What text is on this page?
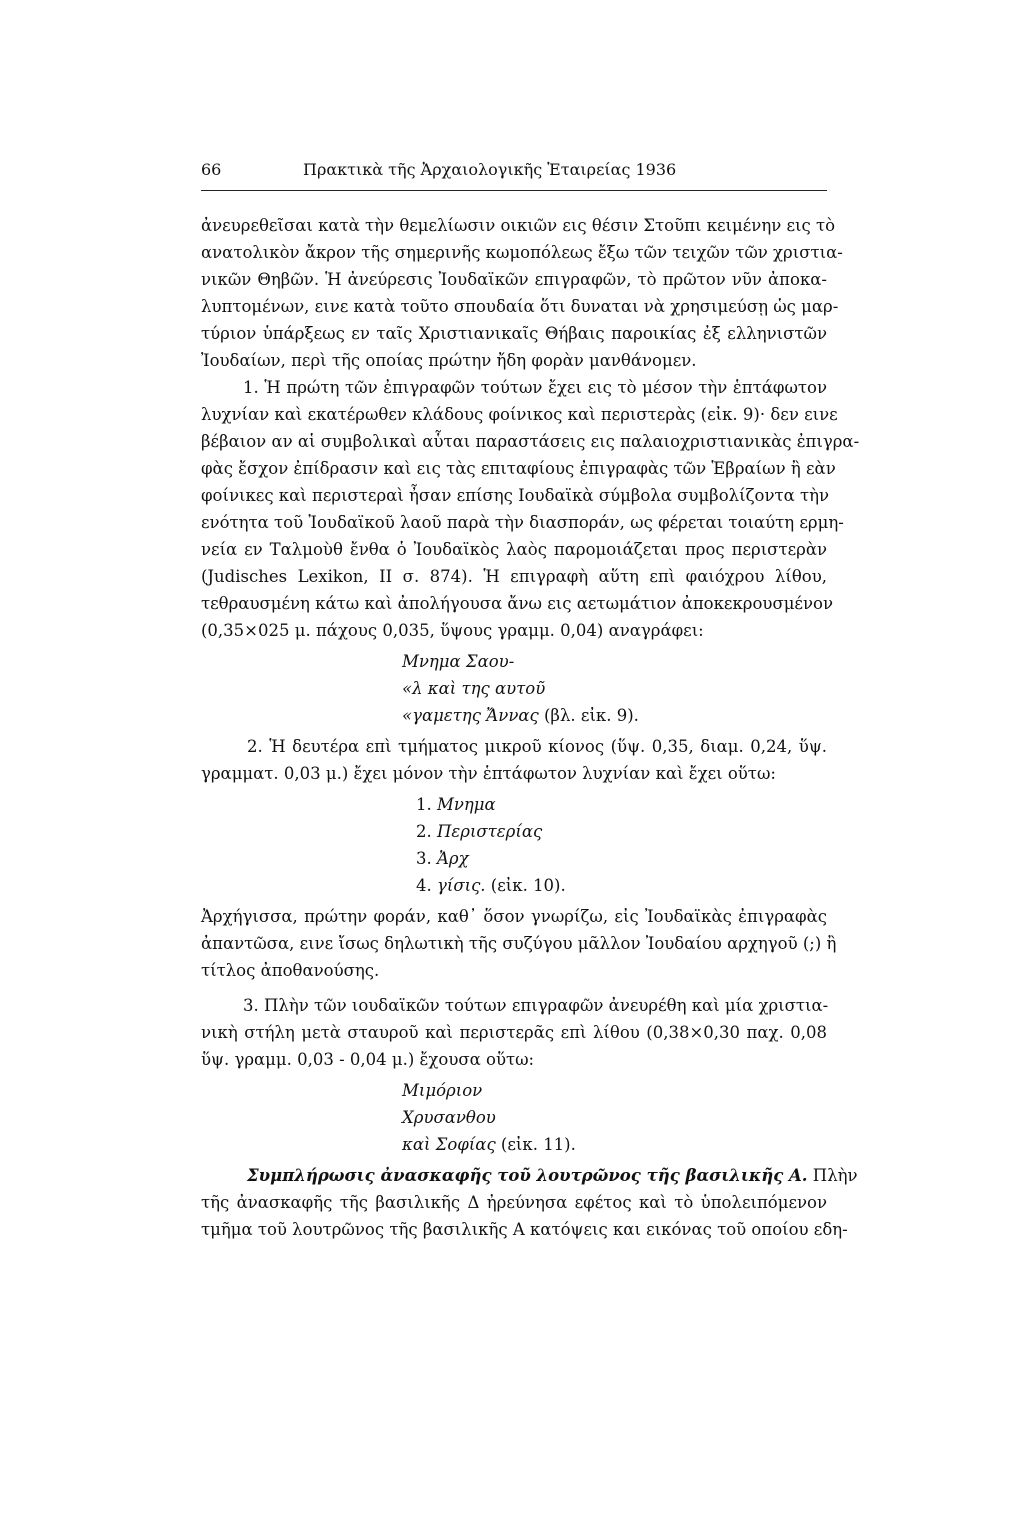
66	Πρακτικὰ τῆς Ἀρχαιολογικῆς Ἑταιρείας 1936
ἀνευρεθεῖσαι κατὰ τὴν θεμελίωσιν οικιῶν εις θέσιν Στοῦπι κειμένην εις τὸ
ανατολικὸν ἄκρον τῆς σημερινῆς κωμοπόλεως ἔξω τῶν τειχῶν τῶν χριστια-
νικῶν Θηβῶν. Ἡ ἀνεύρεσις Ἰουδαϊκῶν επιγραφῶν, τὸ πρῶτον νῦν ἀποκα-
λυπτομένων, εινε κατὰ τοῦτο σπουδαία ὅτι δυναται νὰ χρησιμεύσῃ ὡς μαρ-
τύριον ὑπάρξεως εν ταῖς Χριστιανικαῖς Θήβαις παροικίας ἐξ ελληνιστῶν
Ἰουδαίων, περὶ τῆς οποίας πρώτην ἤδη φορὰν μανθάνομεν.
1. Ἡ πρώτη τῶν ἐπιγραφῶν τούτων ἔχει εις τὸ μέσον τὴν ἑπτάφωτον
λυχνίαν καὶ εκατέρωθεν κλάδους φοίνικος καὶ περιστερὰς (εἰκ. 9)· δεν εινε
βέβαιον αν αἱ συμβολικαὶ αὗται παραστάσεις εις παλαιοχριστιανικὰς ἐπιγρα-
φὰς ἔσχον ἐπίδρασιν καὶ εις τὰς επιταφίους ἐπιγραφὰς τῶν Ἑβραίων ἢ εὰν
φοίνικες καὶ περιστεραὶ ἦσαν επίσης Ιουδαϊκὰ σύμβολα συμβολίζοντα τὴν
ενότητα τοῦ Ἰουδαϊκοῦ λαοῦ παρὰ τὴν διασποράν, ως φέρεται τοιαύτη ερμη-
νεία εν Ταλμοὺθ ἔνθα ὁ Ἰουδαϊκὸς λαὸς παρομοιάζεται προς περιστερὰν
(Judisches Lexikon, II σ. 874). Ἡ επιγραφὴ αὕτη επὶ φαιόχρου λίθου,
τεθραυσμένη κάτω καὶ ἀπολήγουσα ἄνω εις αετωμάτιον ἀποκεκρουσμένον
(0,35×025 μ. πάχους 0,035, ὕψους γραμμ. 0,04) αναγράφει:
Μνημα Σαου-
«λ καὶ της αυτοῦ
«γαμετης Ἄννας (βλ. εἰκ. 9).
2. Ἡ δευτέρα επὶ τμήματος μικροῦ κίονος (ὕψ. 0,35, διαμ. 0,24, ὕψ.
γραμματ. 0,03 μ.) ἔχει μόνον τὴν ἑπτάφωτον λυχνίαν καὶ ἔχει οὕτω:
1. Μνημα
2. Περιστερίας
3. Ἀρχ
4. γίσις. (εἰκ. 10).
Ἀρχήγισσα, πρώτην φοράν, καθ᾿ ὅσον γνωρίζω, εἰς Ἰουδαϊκὰς ἐπιγραφὰς
ἀπαντῶσα, εινε ἴσως δηλωτικὴ τῆς συζύγου μᾶλλον Ἰουδαίου αρχηγοῦ (;) ἢ
τίτλος ἀποθανούσης.
3. Πλὴν τῶν ιουδαϊκῶν τούτων επιγραφῶν ἀνευρέθη καὶ μία χριστια-
νικὴ στήλη μετὰ σταυροῦ καὶ περιστερᾶς επὶ λίθου (0,38×0,30 παχ. 0,08
ὕψ. γραμμ. 0,03 - 0,04 μ.) ἔχουσα οὕτω:
Μιμόριον
Χρυσανθου
καὶ Σοφίας (εἰκ. 11).
Συμπλήρωσις ἀνασκαφῆς τοῦ λουτρῶνος τῆς βασιλικῆς Α. Πλὴν
τῆς ἀνασκαφῆς τῆς βασιλικῆς Δ ἠρεύνησα εφέτος καὶ τὸ ὑπολειπόμενον
τμῆμα τοῦ λουτρῶνος τῆς βασιλικῆς Α κατόψεις και εικόνας τοῦ οποίου εδη-
